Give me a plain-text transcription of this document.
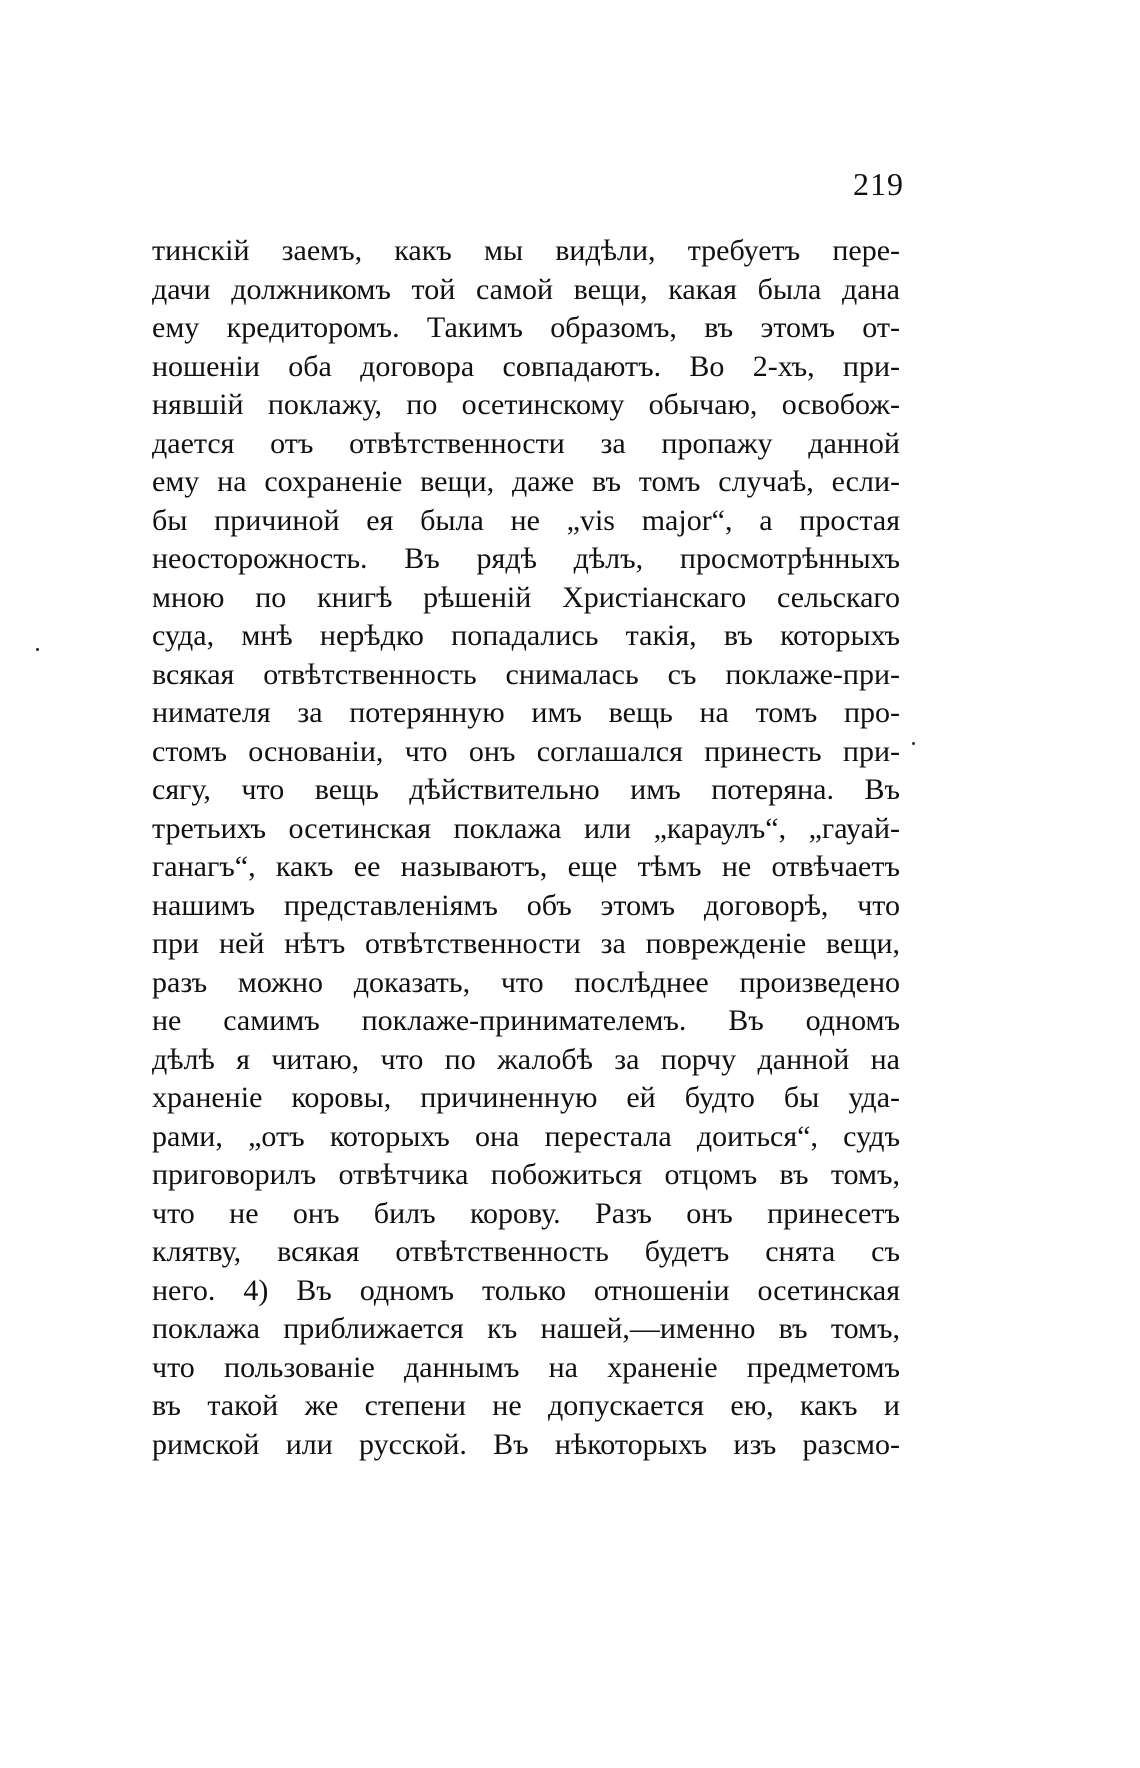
219
тинскій заемъ, какъ мы видѣли, требуетъ пере-
дачи должникомъ той самой вещи, какая была дана
ему кредиторомъ. Такимъ образомъ, въ этомъ от-
ношеніи оба договора совпадаютъ. Во 2-хъ, при-
нявшій поклажу, по осетинскому обычаю, освобож-
дается отъ отвѣтственности за пропажу данной
ему на сохраненіе вещи, даже въ томъ случаѣ, если-
бы причиной ея была не „vis major“, а простая
неосторожность. Въ рядѣ дѣлъ, просмотрѣнныхъ
мною по книгѣ рѣшеній Христіанскаго сельскаго
суда, мнѣ нерѣдко попадались такія, въ которыхъ
всякая отвѣтственность снималась съ поклаже-при-
нимателя за потерянную имъ вещь на томъ про-
стомъ основаніи, что онъ соглашался принесть при-
сягу, что вещь дѣйствительно имъ потеряна. Въ
третьихъ осетинская поклажа или „караулъ“, „гауай-
ганагъ“, какъ ее называютъ, еще тѣмъ не отвѣчаетъ
нашимъ представленіямъ объ этомъ договорѣ, что
при ней нѣтъ отвѣтственности за поврежденіе вещи,
разъ можно доказать, что послѣднее произведено
не самимъ поклаже-принимателемъ. Въ одномъ
дѣлѣ я читаю, что по жалобѣ за порчу данной на
храненіе коровы, причиненную ей будто бы уда-
рами, „отъ которыхъ она перестала доиться“, судъ
приговорилъ отвѣтчика побожиться отцомъ въ томъ,
что не онъ билъ корову. Разъ онъ принесетъ
клятву, всякая отвѣтственность будетъ снята съ
него. 4) Въ одномъ только отношеніи осетинская
поклажа приближается къ нашей,—именно въ томъ,
что пользованіе даннымъ на храненіе предметомъ
въ такой же степени не допускается ею, какъ и
римской или русской. Въ нѣкоторыхъ изъ разсмо-
